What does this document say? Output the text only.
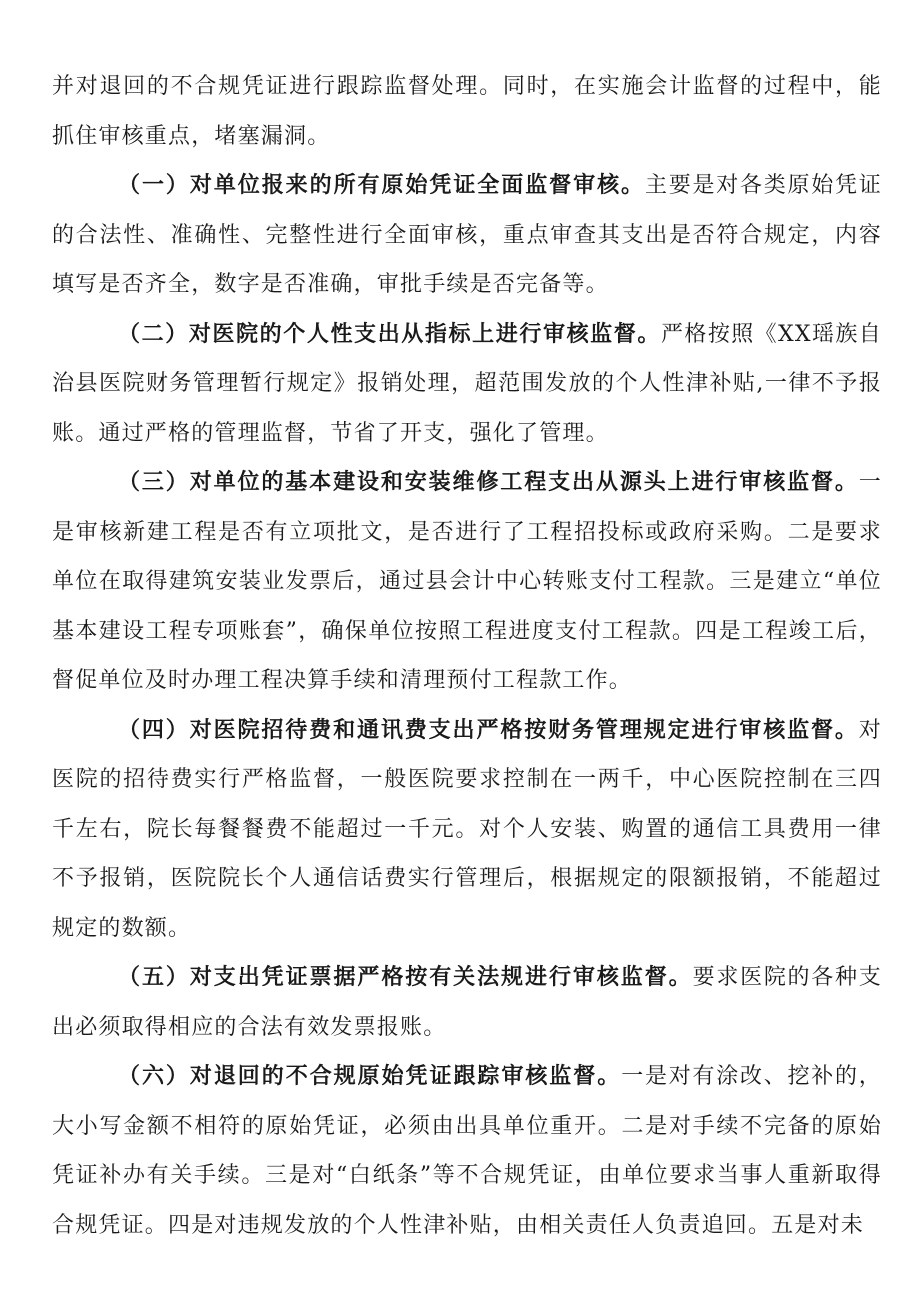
并对退回的不合规凭证进行跟踪监督处理。同时，在实施会计监督的过程中，能抓住审核重点，堵塞漏洞。

（一）对单位报来的所有原始凭证全面监督审核。主要是对各类原始凭证的合法性、准确性、完整性进行全面审核，重点审查其支出是否符合规定，内容填写是否齐全，数字是否准确，审批手续是否完备等。

（二）对医院的个人性支出从指标上进行审核监督。严格按照《XX瑶族自治县医院财务管理暂行规定》报销处理，超范围发放的个人性津补贴,一律不予报账。通过严格的管理监督，节省了开支，强化了管理。

（三）对单位的基本建设和安装维修工程支出从源头上进行审核监督。一是审核新建工程是否有立项批文，是否进行了工程招投标或政府采购。二是要求单位在取得建筑安装业发票后，通过县会计中心转账支付工程款。三是建立“单位基本建设工程专项账套”，确保单位按照工程进度支付工程款。四是工程竣工后，督促单位及时办理工程决算手续和清理预付工程款工作。

（四）对医院招待费和通讯费支出严格按财务管理规定进行审核监督。对医院的招待费实行严格监督，一般医院要求控制在一两千，中心医院控制在三四千左右，院长每餐餐费不能超过一千元。对个人安装、购置的通信工具费用一律不予报销，医院院长个人通信话费实行管理后，根据规定的限额报销，不能超过规定的数额。

（五）对支出凭证票据严格按有关法规进行审核监督。要求医院的各种支出必须取得相应的合法有效发票报账。

（六）对退回的不合规原始凭证跟踪审核监督。一是对有涂改、挖补的，大小写金额不相符的原始凭证，必须由出具单位重开。二是对手续不完备的原始凭证补办有关手续。三是对“白纸条”等不合规凭证，由单位要求当事人重新取得合规凭证。四是对违规发放的个人性津补贴，由相关责任人负责追回。五是对未
